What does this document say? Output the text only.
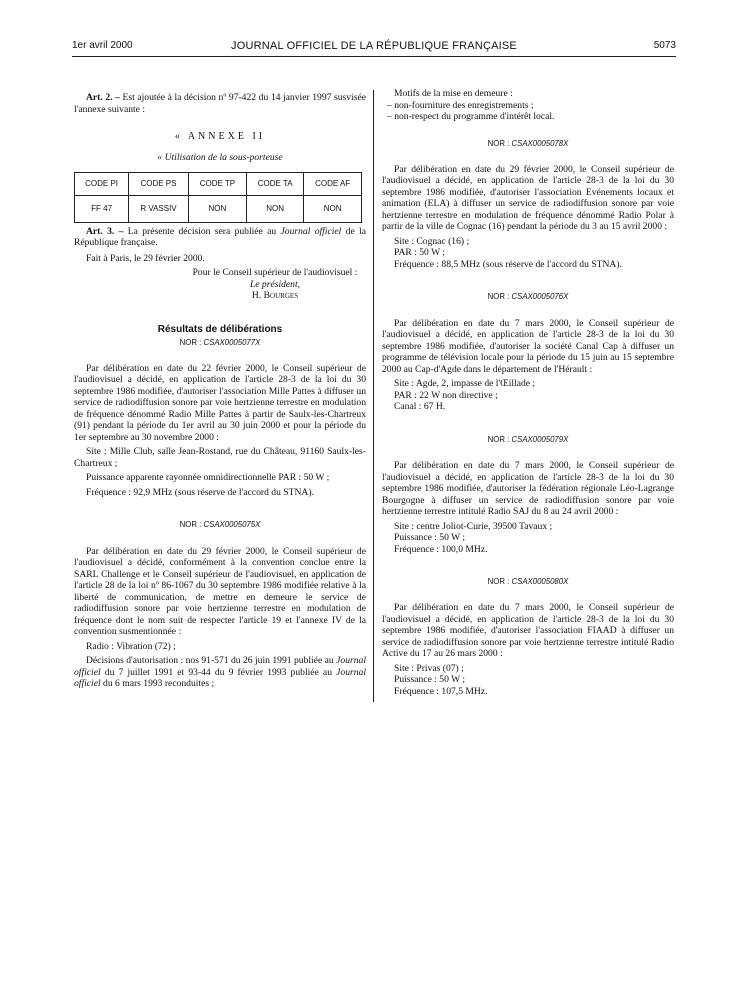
1er avril 2000	JOURNAL OFFICIEL DE LA RÉPUBLIQUE FRANÇAISE	5073

Art. 2. – Est ajoutée à la décision nº 97-422 du 14 janvier 1997 susvisée l'annexe suivante :

« ANNEXE II

« Utilisation de la sous-porteuse

CODE PI	CODE PS	CODE TP	CODE TA	CODE AF
FF 47	R VASSIV	NON	NON	NON

Art. 3. – La présente décision sera publiée au Journal officiel de la République française.

Fait à Paris, le 29 février 2000.

Pour le Conseil supérieur de l'audiovisuel :

Le président,

H. Bourges

Résultats de délibérations

NOR : CSAX0005077X

Par délibération en date du 22 février 2000, le Conseil supérieur de l'audiovisuel a décidé, en application de l'article 28-3 de la loi du 30 septembre 1986 modifiée, d'autoriser l'association Mille Pattes à diffuser un service de radiodiffusion sonore par voie hertzienne terrestre en modulation de fréquence dénommé Radio Mille Pattes à partir de Saulx-les-Chartreux (91) pendant la période du 1er avril au 30 juin 2000 et pour la période du 1er septembre au 30 novembre 2000 :

Site : Mille Club, salle Jean-Rostand, rue du Château, 91160 Saulx-les-Chartreux ;

Puissance apparente rayonnée omnidirectionnelle PAR : 50 W ;

Fréquence : 92,9 MHz (sous réserve de l'accord du STNA).

NOR : CSAX0005075X

Par délibération en date du 29 février 2000, le Conseil supérieur de l'audiovisuel a décidé, conformément à la convention conclue entre la SARL Challenge et le Conseil supérieur de l'audiovisuel, en application de l'article 28 de la loi nº 86-1067 du 30 septembre 1986 modifiée relative à la liberté de communication, de mettre en demeure le service de radiodiffusion sonore par voie hertzienne terrestre en modulation de fréquence dont le nom suit de respecter l'article 19 et l'annexe IV de la convention susmentionnée :

Radio : Vibration (72) ;

Décisions d'autorisation : nos 91-571 du 26 juin 1991 publiée au Journal officiel du 7 juillet 1991 et 93-44 du 9 février 1993 publiée au Journal officiel du 6 mars 1993 reconduites ;

Motifs de la mise en demeure :

– non-fourniture des enregistrements ;

– non-respect du programme d'intérêt local.

NOR : CSAX0005078X

Par délibération en date du 29 février 2000, le Conseil supérieur de l'audiovisuel a décidé, en application de l'article 28-3 de la loi du 30 septembre 1986 modifiée, d'autoriser l'association Evénements locaux et animation (ELA) à diffuser un service de radiodiffusion sonore par voie hertzienne terrestre en modulation de fréquence dénommé Radio Polar à partir de la ville de Cognac (16) pendant la période du 3 au 15 avril 2000 :

Site : Cognac (16) ;

PAR : 50 W ;

Fréquence : 88,5 MHz (sous réserve de l'accord du STNA).

NOR : CSAX0005076X

Par délibération en date du 7 mars 2000, le Conseil supérieur de l'audiovisuel a décidé, en application de l'article 28-3 de la loi du 30 septembre 1986 modifiée, d'autoriser la société Canal Cap à diffuser un programme de télévision locale pour la période du 15 juin au 15 septembre 2000 au Cap-d'Agde dans le département de l'Hérault :

Site : Agde, 2, impasse de l'Œillade ;

PAR : 22 W non directive ;

Canal : 67 H.

NOR : CSAX0005079X

Par délibération en date du 7 mars 2000, le Conseil supérieur de l'audiovisuel a décidé, en application de l'article 28-3 de la loi du 30 septembre 1986 modifiée, d'autoriser la fédération régionale Léo-Lagrange Bourgogne à diffuser un service de radiodiffusion sonore par voie hertzienne terrestre intitulé Radio SAJ du 8 au 24 avril 2000 :

Site : centre Joliot-Curie, 39500 Tavaux ;

Puissance : 50 W ;

Fréquence : 100,0 MHz.

NOR : CSAX0005080X

Par délibération en date du 7 mars 2000, le Conseil supérieur de l'audiovisuel a décidé, en application de l'article 28-3 de la loi du 30 septembre 1986 modifiée, d'autoriser l'association FIAAD à diffuser un service de radiodiffusion sonore par voie hertzienne terrestre intitulé Radio Active du 17 au 26 mars 2000 :

Site : Privas (07) ;

Puissance : 50 W ;

Fréquence : 107,5 MHz.
